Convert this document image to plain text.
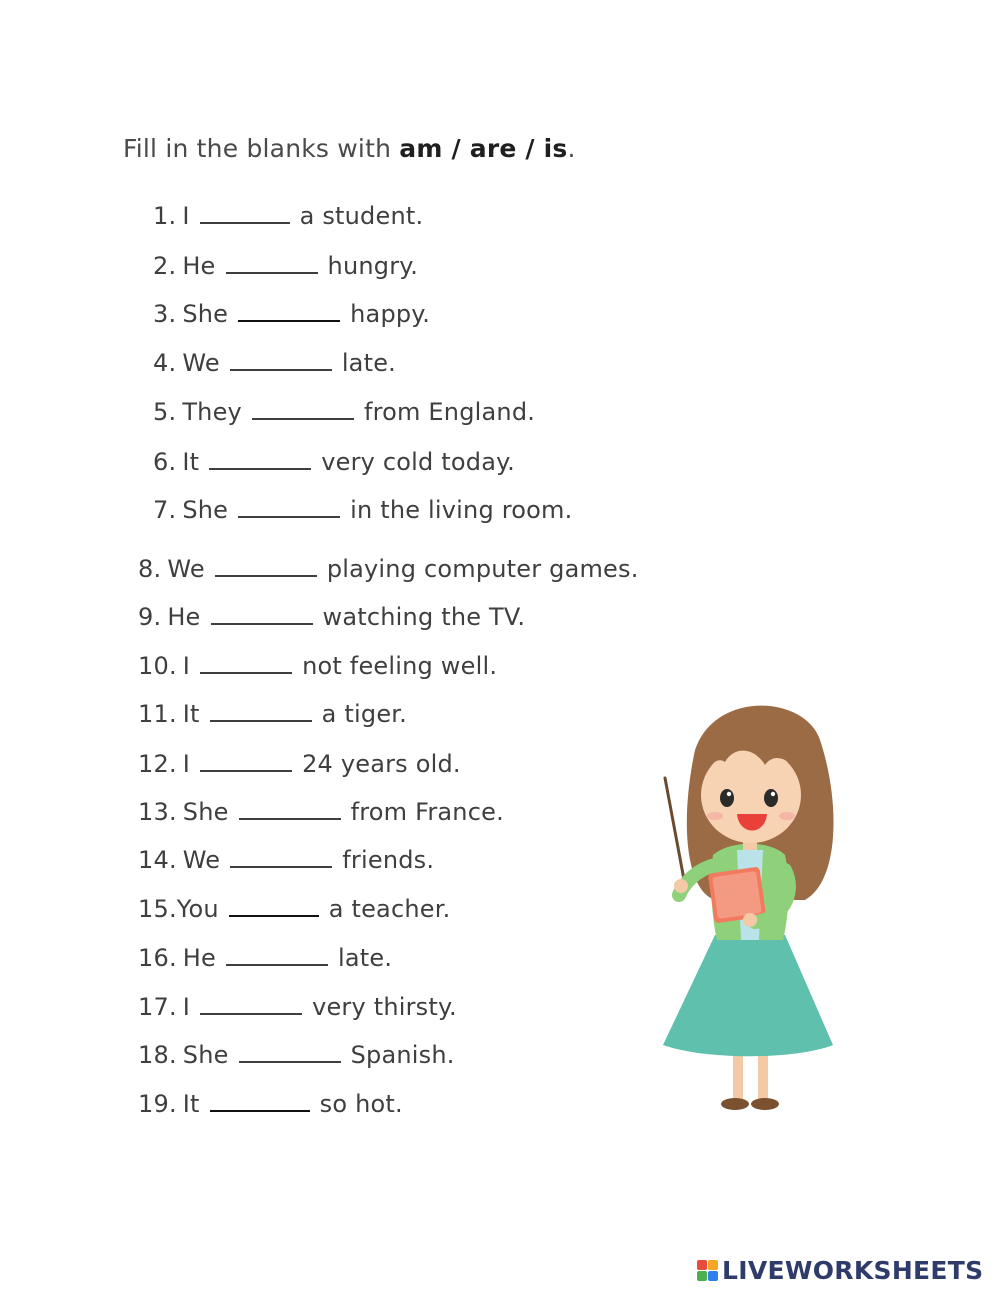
Fill in the blanks with am / are / is.
1. I	a student.
2. He	hungry.
3. She	happy.
4. We	late.
5. They	from England.
6. It	very cold today.
7. She	in the living room.
8. We	playing computer games.
9. He	watching the TV.
10. I	not feeling well.
11. It	a tiger.
12. I	24 years old.
13. She	from France.
14. We	friends.
15. You	a teacher.
16. He	late.
17. I	very thirsty.
18. She	Spanish.
19. It	so hot.
LIVEWORKSHEETS
